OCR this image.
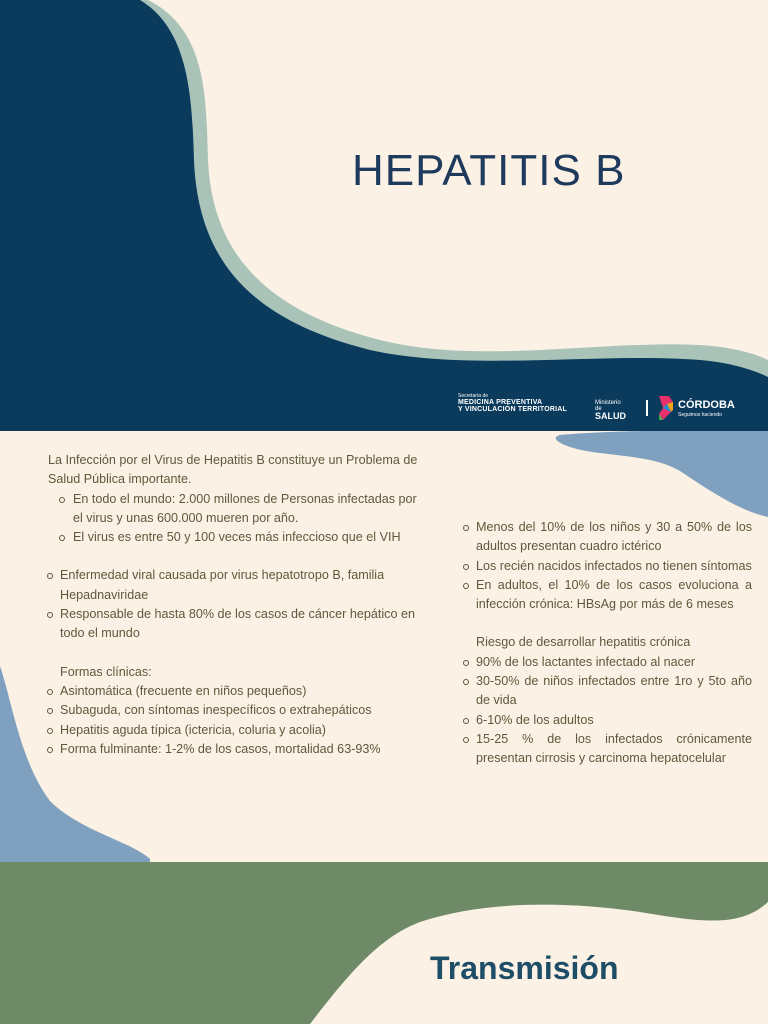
HEPATITIS B
Secretaría de
MEDICINA PREVENTIVA
Y VINCULACIÓN TERRITORIAL
Ministerio de
SALUD
CÓRDOBA
Seguimos haciendo

La Infección por el Virus de Hepatitis B constituye un Problema de Salud Pública importante.

En todo el mundo: 2.000 millones de Personas infectadas por el virus y unas 600.000 mueren por año.
El virus es entre 50 y 100 veces más infeccioso que el VIH
Enfermedad viral causada por virus hepatotropo B, familia Hepadnaviridae
Responsable de hasta 80% de los casos de cáncer hepático en todo el mundo

Formas clínicas:

Asintomática (frecuente en niños pequeños)
Subaguda, con síntomas inespecíficos o extrahepáticos
Hepatitis aguda típica (ictericia, coluria y acolia)
Forma fulminante: 1-2% de los casos, mortalidad 63-93%
Menos del 10% de los niños y 30 a 50% de los adultos presentan cuadro ictérico
Los recién nacidos infectados no tienen síntomas
En adultos, el 10% de los casos evoluciona a infección crónica: HBsAg por más de 6 meses

Riesgo de desarrollar hepatitis crónica

90% de los lactantes infectado al nacer
30-50% de niños infectados entre 1ro y 5to año de vida
6-10% de los adultos
15-25 % de los infectados crónicamente presentan cirrosis y carcinoma hepatocelular
Transmisión
